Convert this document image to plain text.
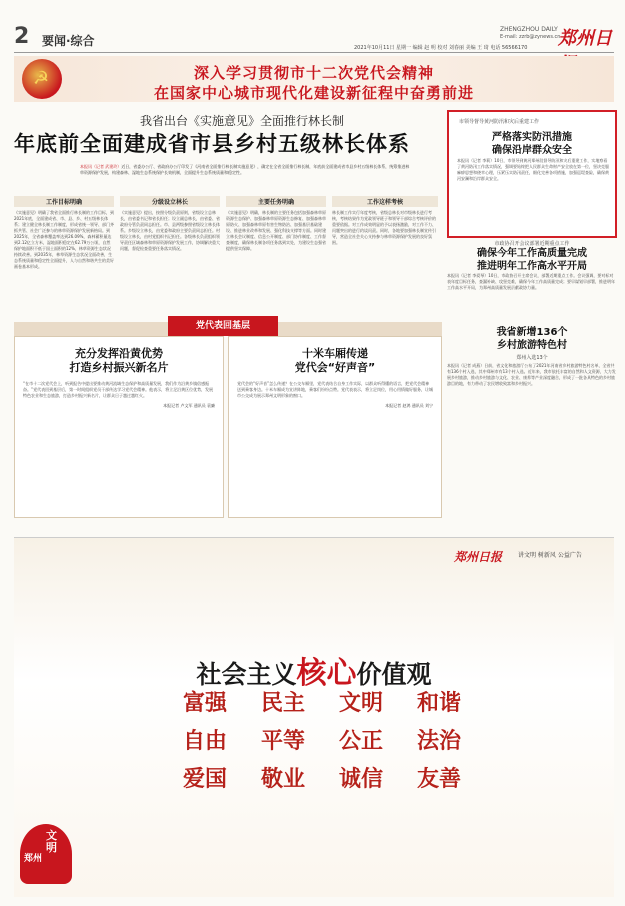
2 要闻·综合
ZHENGZHOU DAILY
E-mail: zzrb@zynews.cn
郑州日
2021年10月11日 星期一 编辑 赵 明 校对 刘春丽 美编 王 琦 电话 56566170
☭	深入学习贯彻市十二次党代会精神
在国家中心城市现代化建设新征程中奋勇前进
我省出台《实施意见》全面推行林长制
年底前全面建成省市县乡村五级林长体系
本报讯（记者 武建玲）近日，省委办公厅、省政府办公厅印发了《河南省全面推行林长制实施意见》，确定在全省全面推行林长制，年底前全面建成省市县乡村五级林长体系，统筹推进林草资源保护发展，构建森林、湿地生态系统保护长效机制，全面提升生态系统质量和稳定性。
工作目标明确
《实施意见》明确了我省全面推行林长制的工作目标，到2021年底，全面建成省、市、县、乡、村五级林长体系；建立健全林长制工作制度，形成省统一领导、部门齐抓共管、社会广泛参与的林草资源保护发展新格局。到2025年，全省森林覆盖率达到26.09%，森林蓄积量达到2.12亿立方米，湿地面积稳定在62.79万公顷，自然保护地面积不低于国土面积的12%，林草资源生态状况持续改善。到2035年，林草资源生态状况全面改善，生态系统质量和稳定性全面提升，人与自然和谐共生的美好画卷基本形成。
分级设立林长
《实施意见》提出，按照分级负责原则，省级设立总林长，由省委书记和省长担任；设立副总林长，由省委、省政府分管负责同志担任。市、县两级参照省级设立林长体系。乡级设立林长，由党委和政府主要负责同志担任。村级设立林长，由村党组织书记担任。各级林长负责组织领导责任区域森林和草原资源保护发展工作，协调解决重大问题，督促检查重要任务落实情况。
主要任务明确
《实施意见》明确，林长制的主要任务包括加强森林草原资源生态保护、加强森林草原资源生态修复、加强森林草原防火、加强森林草原有害生物防治、加强基层基础建设、推进林业改革和发展、强化科技支撑等方面。同时建立林长会议制度、信息公开制度、部门协作制度、工作督查制度，确保林长制各项任务落到实处，为建设生态强省提供坚实保障。
工作这样考核
林长制工作实行年度考核，省级总林长对市级林长进行考核，考核结果作为党政领导班子和领导干部综合考核评价的重要依据。对工作成效明显的予以表扬激励，对工作不力、问题突出的进行约谈问责。同时，各地要加强林长制宣传引导，营造全社会关心支持参与林草资源保护发展的良好氛围。
市领导督导黄河防汛和灾后重建工作
严格落实防汛措施
确保沿岸群众安全
本报讯（记者 李莉）10日，市领导到黄河郑州段督导防汛和灾后重建工作，实地察看了黄河防汛工作落实情况，强调要始终把人民群众生命财产安全放在第一位，坚决克服麻痹思想和侥幸心理，压紧压实防汛责任，细化完善各项措施，加强巡堤查险，确保黄河安澜和沿岸群众安全。
市政协召开会议部署近期重点工作
确保今年工作高质量完成
推进明年工作高水平开局
本报讯（记者 李爱琴）10日，市政协召开主席会议，部署近期重点工作。会议强调，要对标对表年度目标任务，查漏补缺、攻坚克难，确保今年工作高质量完成；要早谋划早部署，推进明年工作高水平开局，为郑州高质量发展贡献政协力量。
我省新增136个
乡村旅游特色村
郑州入选13个
本报讯（记者 成燕）日前，省文化和旅游厅公布了2021年河南省乡村旅游特色村名单，全省共有136个村入选，其中郑州市有13个村入选。近年来，我市依托丰富的自然和人文资源，大力发展乡村旅游，推动乡村旅游与文化、农业、康养等产业深度融合，形成了一批各具特色的乡村旅游目的地，有力带动了农民增收致富和乡村振兴。
党代表回基层
充分发挥沿黄优势
打造乡村振兴新名片
“在市十二次党代会上，听到报告中提出要推动黄河流域生态保护和高质量发展，我们作为沿黄乡镇倍感振奋。”党代表回到基层后，第一时间组织党员干部传达学习党代会精神。他表示，将立足沿黄区位优势，发展特色农业和生态旅游，打造乡村振兴新名片，让群众日子越过越红火。
本报记者 卢文军 通讯员 袁廉
十米车厢传递
党代会“好声音”
党代会的“好声音”怎么传递？在公交车厢里，党代表结合自身工作实际，以群众听得懂的语言，把党代会精神送到乘客身边。十米车厢成为宣讲阵地，乘客们纷纷点赞。党代表表示，将立足岗位，用心用情做好服务，让城市公交成为展示郑州文明形象的窗口。
本报记者 赵鸿 通讯员 刘宁
郑州日报	讲文明 树新风 公益广告
社会主义核心价值观
富强	民主	文明	和谐
自由	平等	公正	法治
爱国	敬业	诚信	友善
文明
郑州
